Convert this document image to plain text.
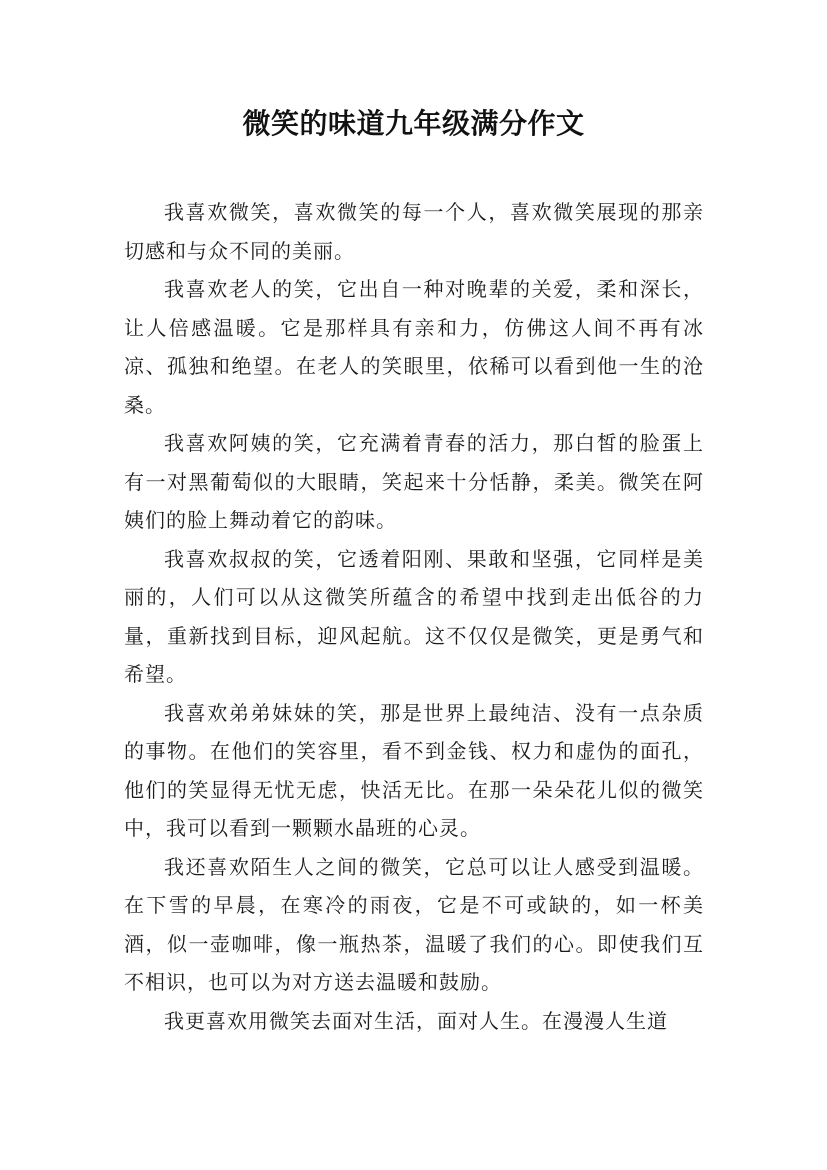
微笑的味道九年级满分作文

我喜欢微笑，喜欢微笑的每一个人，喜欢微笑展现的那亲切感和与众不同的美丽。

我喜欢老人的笑，它出自一种对晚辈的关爱，柔和深长，让人倍感温暖。它是那样具有亲和力，仿佛这人间不再有冰凉、孤独和绝望。在老人的笑眼里，依稀可以看到他一生的沧桑。

我喜欢阿姨的笑，它充满着青春的活力，那白皙的脸蛋上有一对黑葡萄似的大眼睛，笑起来十分恬静，柔美。微笑在阿姨们的脸上舞动着它的韵味。

我喜欢叔叔的笑，它透着阳刚、果敢和坚强，它同样是美丽的，人们可以从这微笑所蕴含的希望中找到走出低谷的力量，重新找到目标，迎风起航。这不仅仅是微笑，更是勇气和希望。

我喜欢弟弟妹妹的笑，那是世界上最纯洁、没有一点杂质的事物。在他们的笑容里，看不到金钱、权力和虚伪的面孔，他们的笑显得无忧无虑，快活无比。在那一朵朵花儿似的微笑中，我可以看到一颗颗水晶班的心灵。

我还喜欢陌生人之间的微笑，它总可以让人感受到温暖。在下雪的早晨，在寒冷的雨夜，它是不可或缺的，如一杯美酒，似一壶咖啡，像一瓶热茶，温暖了我们的心。即使我们互不相识，也可以为对方送去温暖和鼓励。

我更喜欢用微笑去面对生活，面对人生。在漫漫人生道
